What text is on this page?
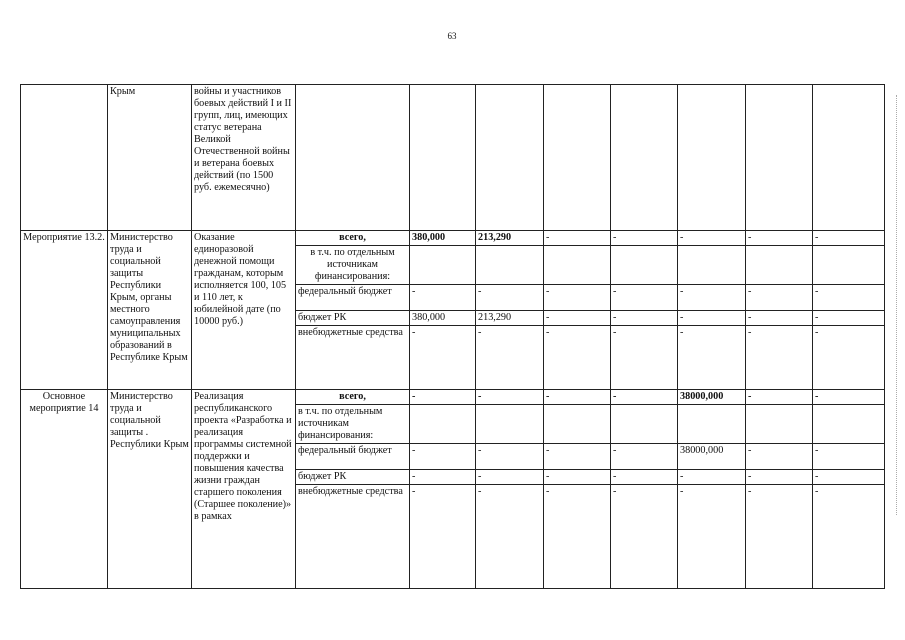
63
	Крым	войны и участников боевых действий I и II групп, лиц, имеющих статус ветерана Великой Отечественной войны и ветерана боевых действий (по 1500 руб. ежемесячно)								
Мероприятие 13.2.	Министерство труда и социальной защиты Республики Крым, органы местного самоуправления муниципальных образований в Республике Крым	Оказание единоразовой денежной помощи гражданам, которым исполняется 100, 105 и 110 лет, к юбилейной дате (по 10000 руб.)	всего,	380,000	213,290	-	-	-	-	-
			в т.ч. по отдельным источникам финансирования:							
			федеральный бюджет	-	-	-	-	-	-	-
			бюджет РК	380,000	213,290	-	-	-	-	-
			внебюджетные средства	-	-	-	-	-	-	-
Основное мероприятие 14	Министерство труда и социальной защиты . Республики Крым	Реализация республиканского проекта «Разработка и реализация программы системной поддержки и повышения качества жизни граждан старшего поколения (Старшее поколение)» в рамках	всего,	-	-	-	-	38000,000	-	-
			в т.ч. по отдельным источникам финансирования:							
			федеральный бюджет	-	-	-	-	38000,000	-	-
			бюджет РК	-	-	-	-	-	-	-
			внебюджетные средства	-	-	-	-	-	-	-
